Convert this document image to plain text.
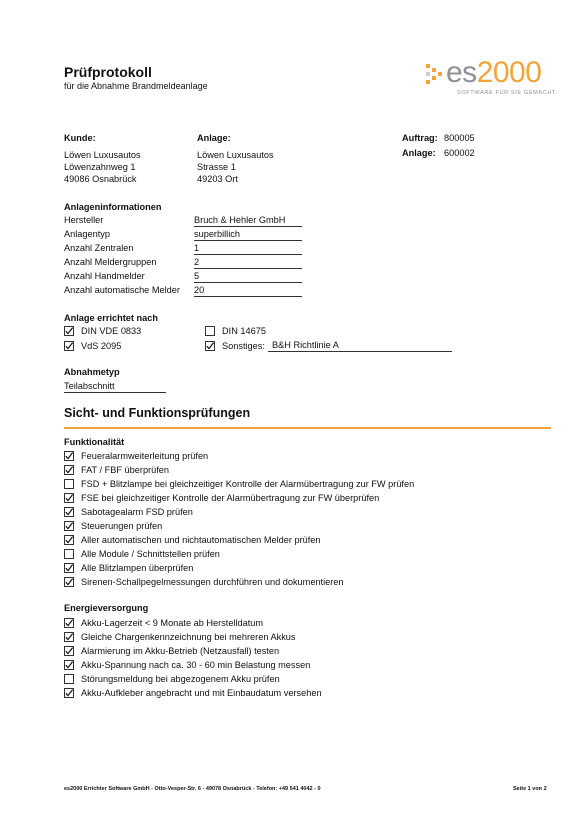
Prüfprotokoll
für die Abnahme Brandmeldeanlage	es2000
SOFTWARE FÜR SIE GEMACHT.
Kunde:
Löwen Luxusautos
Löwenzahnweg 1
49086 Osnabrück
Anlage:
Löwen Luxusautos
Strasse 1
49203 Ort
Auftrag: 800005
Anlage: 600002
Anlageninformationen
Hersteller	Bruch & Hehler GmbH
Anlagentyp	superbillich
Anzahl Zentralen	1
Anzahl Meldergruppen	2
Anzahl Handmelder	5
Anzahl automatische Melder 20
Anlage errichtet nach
DIN VDE 0833
VdS 2095
DIN 14675
Sonstiges: B&H Richtlinie A
Abnahmetyp
Teilabschnitt
Sicht- und Funktionsprüfungen
Funktionalität
Feueralarmweiterleitung prüfen
FAT / FBF überprüfen
FSD + Blitzlampe bei gleichzeitiger Kontrolle der Alarmübertragung zur FW prüfen
FSE bei gleichzeitiger Kontrolle der Alarmübertragung zur FW überprüfen
Sabotagealarm FSD prüfen
Steuerungen prüfen
Aller automatischen und nichtautomatischen Melder prüfen
Alle Module / Schnittstellen prüfen
Alle Blitzlampen überprüfen
Sirenen-Schallpegelmessungen durchführen und dokumentieren
Energieversorgung
Akku-Lagerzeit < 9 Monate ab Herstelldatum
Gleiche Chargenkennzeichnung bei mehreren Akkus
Alarmierung im Akku-Betrieb (Netzausfall) testen
Akku-Spannung nach ca. 30 - 60 min Belastung messen
Störungsmeldung bei abgezogenem Akku prüfen
Akku-Aufkleber angebracht und mit Einbaudatum versehen
es2000 Errichter Software GmbH - Otto-Vesper-Str. 6 - 49078 Osnabrück - Telefon: +49 541 4042 - 0	Seite 1 von 2
